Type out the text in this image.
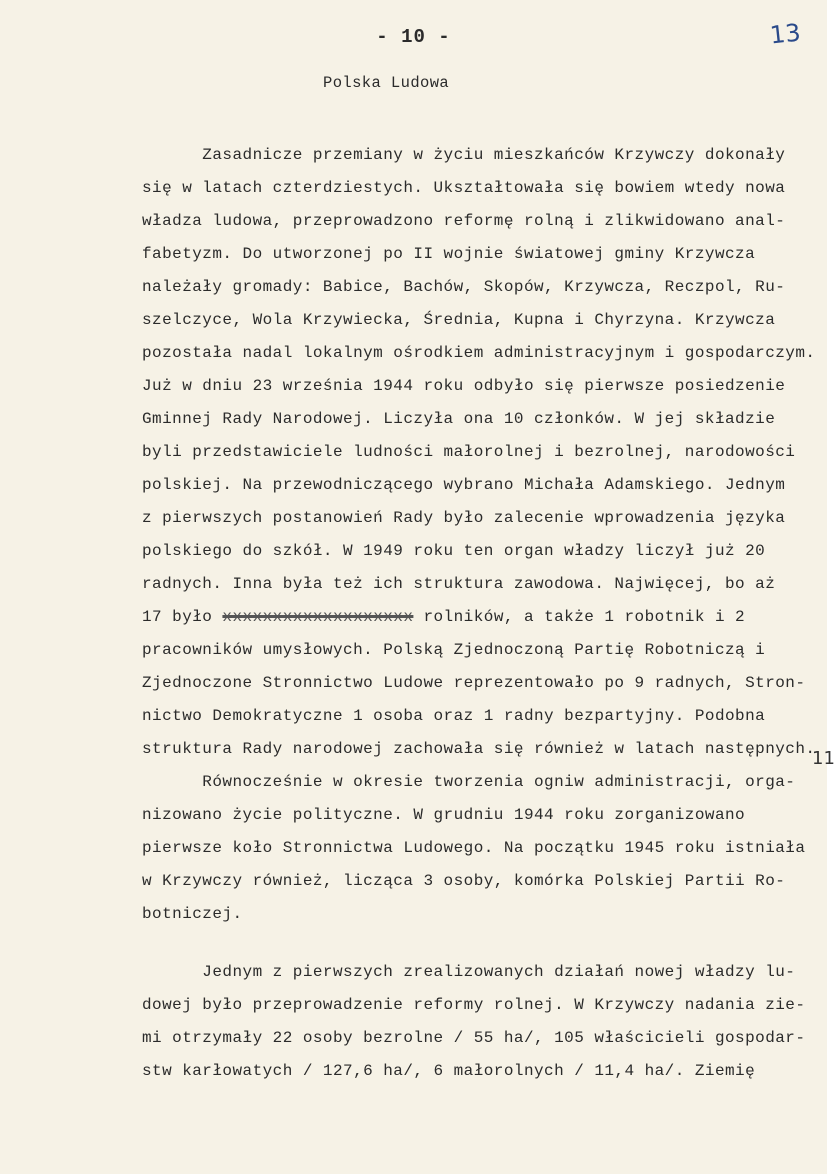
- 10 -	13
Polska Ludowa
Zasadnicze przemiany w życiu mieszkańców Krzywczy dokonały
się w latach czterdziestych. Ukształtowała się bowiem wtedy nowa
władza ludowa, przeprowadzono reformę rolną i zlikwidowano anal-
fabetyzm. Do utworzonej po II wojnie światowej gminy Krzywcza
należały gromady: Babice, Bachów, Skopów, Krzywcza, Reczpol, Ru-
szelczyce, Wola Krzywiecka, Średnia, Kupna i Chyrzyna. Krzywcza
pozostała nadal lokalnym ośrodkiem administracyjnym i gospodarczym.
Już w dniu 23 września 1944 roku odbyło się pierwsze posiedzenie
Gminnej Rady Narodowej. Liczyła ona 10 członków. W jej składzie
byli przedstawiciele ludności małorolnej i bezrolnej, narodowości
polskiej. Na przewodniczącego wybrano Michała Adamskiego. Jednym
z pierwszych postanowień Rady było zalecenie wprowadzenia języka
polskiego do szkół. W 1949 roku ten organ władzy liczył już 20
radnych. Inna była też ich struktura zawodowa. Najwięcej, bo aż
17 było xxxxxxxxxxxxxxxxxxx rolników, a także 1 robotnik i 2
pracowników umysłowych. Polską Zjednoczoną Partię Robotniczą i
Zjednoczone Stronnictwo Ludowe reprezentowało po 9 radnych, Stron-
nictwo Demokratyczne 1 osoba oraz 1 radny bezpartyjny. Podobna
struktura Rady narodowej zachowała się również w latach następnych.
Równocześnie w okresie tworzenia ogniw administracji, orga-
nizowano życie polityczne. W grudniu 1944 roku zorganizowano
pierwsze koło Stronnictwa Ludowego. Na początku 1945 roku istniała
w Krzywczy również, licząca 3 osoby, komórka Polskiej Partii Ro-
botniczej.
Jednym z pierwszych zrealizowanych działań nowej władzy lu-
dowej było przeprowadzenie reformy rolnej. W Krzywczy nadania zie-
mi otrzymały 22 osoby bezrolne / 55 ha/, 105 właścicieli gospodar-
stw karłowatych / 127,6 ha/, 6 małorolnych / 11,4 ha/. Ziemię
11
